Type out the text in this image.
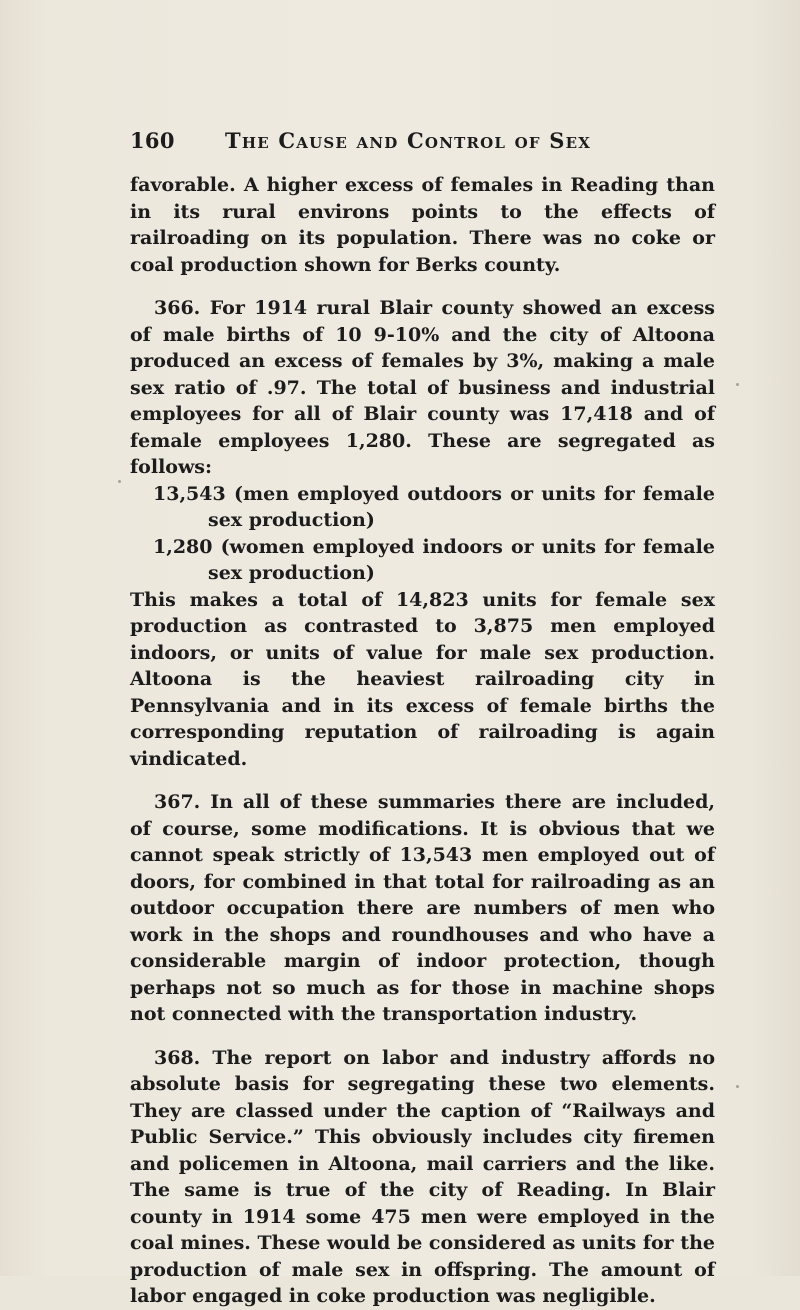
160 The Cause and Control of Sex

favorable. A higher excess of females in Reading than in its rural environs points to the effects of railroading on its population. There was no coke or coal production shown for Berks county.

366. For 1914 rural Blair county showed an excess of male births of 10 9-10% and the city of Altoona produced an excess of females by 3%, making a male sex ratio of .97. The total of business and industrial employees for all of Blair county was 17,418 and of female employees 1,280. These are segregated as follows:

13,543 (men employed outdoors or units for female sex production)

1,280 (women employed indoors or units for female sex production)

This makes a total of 14,823 units for female sex production as contrasted to 3,875 men employed indoors, or units of value for male sex production. Altoona is the heaviest railroading city in Pennsylvania and in its excess of female births the corresponding reputation of railroading is again vindicated.

367. In all of these summaries there are included, of course, some modifications. It is obvious that we cannot speak strictly of 13,543 men employed out of doors, for combined in that total for railroading as an outdoor occupation there are numbers of men who work in the shops and roundhouses and who have a considerable margin of indoor protection, though perhaps not so much as for those in machine shops not connected with the transportation industry.

368. The report on labor and industry affords no absolute basis for segregating these two elements. They are classed under the caption of “Railways and Public Service.” This obviously includes city firemen and policemen in Altoona, mail carriers and the like. The same is true of the city of Reading. In Blair county in 1914 some 475 men were employed in the coal mines. These would be considered as units for the production of male sex in offspring. The amount of labor engaged in coke production was negligible.
